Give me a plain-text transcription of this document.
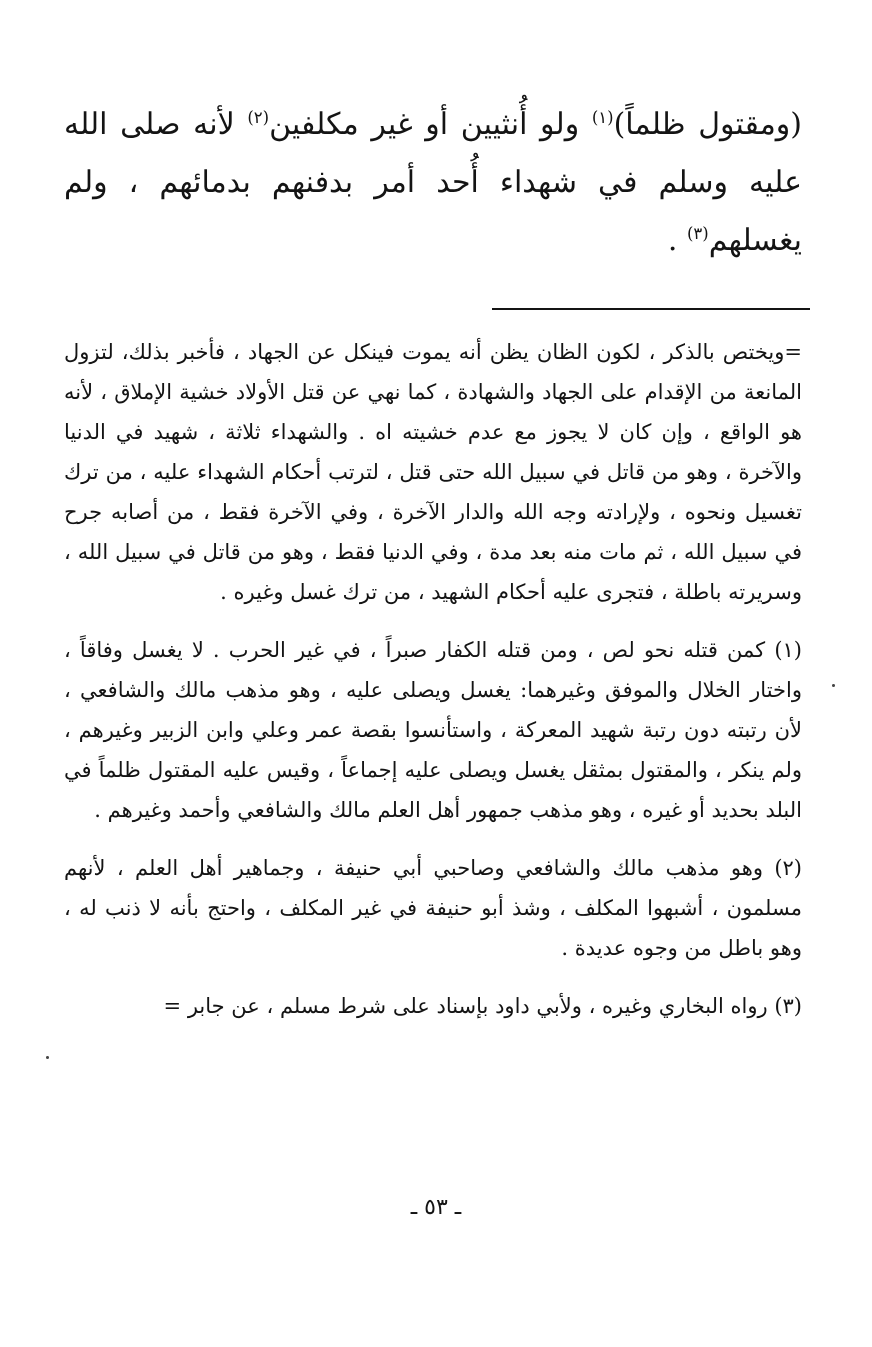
(ومقتول ظلماً)$^{(١)}$ ولو أُنثيين أو غير مكلفين$^{(٢)}$ لأنه صلى الله عليه وسلم في شهداء أُحد أمر بدفنهم بدمائهم ، ولم يغسلهم$^{(٣)}$ .

=ويختص بالذكر ، لكون الظان يظن أنه يموت فينكل عن الجهاد ، فأخبر بذلك، لتزول المانعة من الإقدام على الجهاد والشهادة ، كما نهي عن قتل الأولاد خشية الإملاق ، لأنه هو الواقع ، وإن كان لا يجوز مع عدم خشيته اه . والشهداء ثلاثة ، شهيد في الدنيا والآخرة ، وهو من قاتل في سبيل الله حتى قتل ، لترتب أحكام الشهداء عليه ، من ترك تغسيل ونحوه ، ولإرادته وجه الله والدار الآخرة ، وفي الآخرة فقط ، من أصابه جرح في سبيل الله ، ثم مات منه بعد مدة ، وفي الدنيا فقط ، وهو من قاتل في سبيل الله ، وسريرته باطلة ، فتجرى عليه أحكام الشهيد ، من ترك غسل وغيره .

(١) كمن قتله نحو لص ، ومن قتله الكفار صبراً ، في غير الحرب . لا يغسل وفاقاً ، واختار الخلال والموفق وغيرهما: يغسل ويصلى عليه ، وهو مذهب مالك والشافعي ، لأن رتبته دون رتبة شهيد المعركة ، واستأنسوا بقصة عمر وعلي وابن الزبير وغيرهم ، ولم ينكر ، والمقتول بمثقل يغسل ويصلى عليه إجماعاً ، وقيس عليه المقتول ظلماً في البلد بحديد أو غيره ، وهو مذهب جمهور أهل العلم مالك والشافعي وأحمد وغيرهم .

(٢) وهو مذهب مالك والشافعي وصاحبي أبي حنيفة ، وجماهير أهل العلم ، لأنهم مسلمون ، أشبهوا المكلف ، وشذ أبو حنيفة في غير المكلف ، واحتج بأنه لا ذنب له ، وهو باطل من وجوه عديدة .

(٣) رواه البخاري وغيره ، ولأبي داود بإسناد على شرط مسلم ، عن جابر =

ـ ٥٣ ـ
